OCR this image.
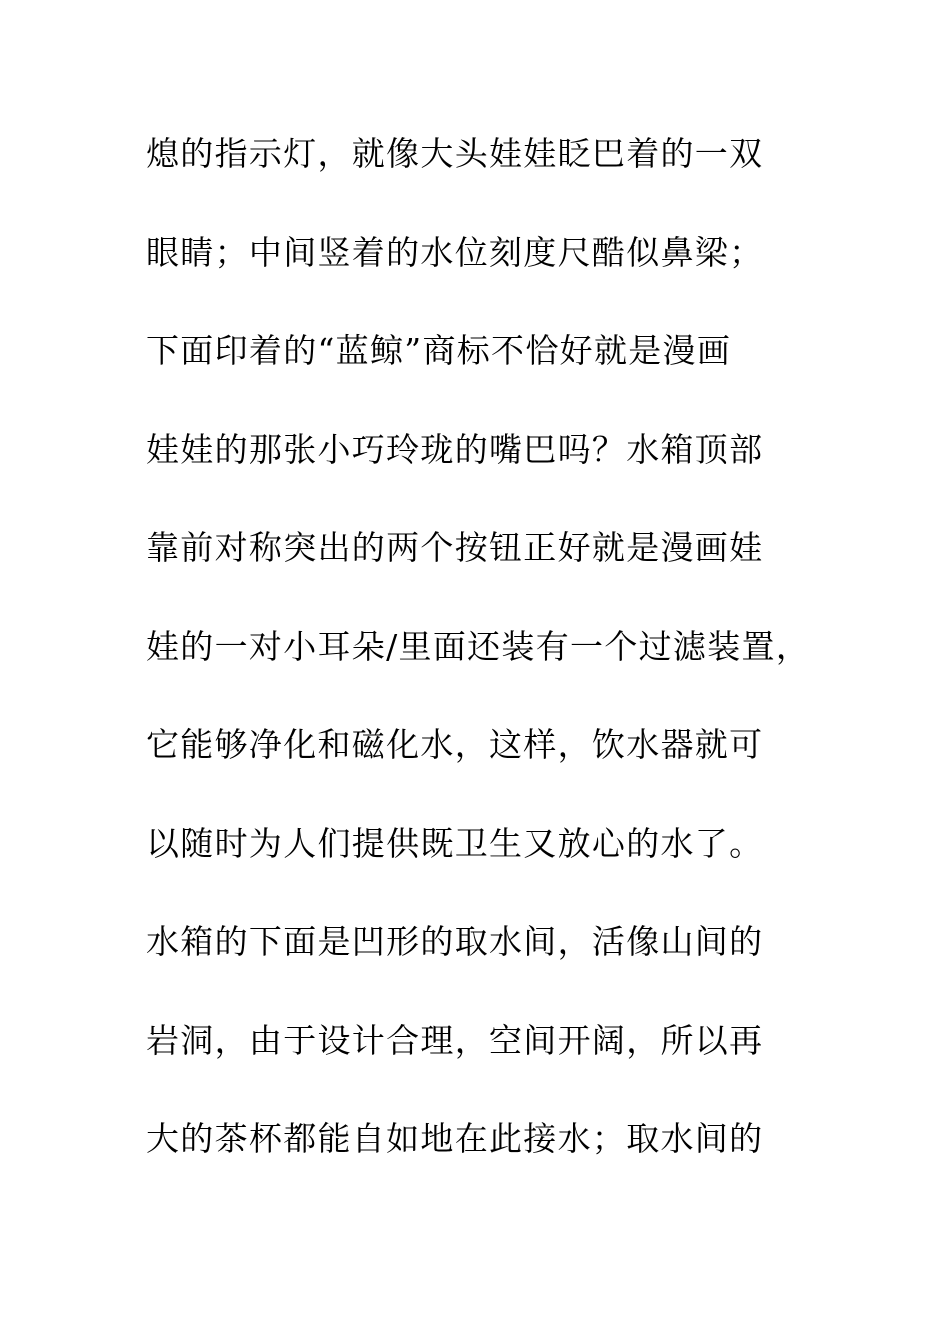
熄的指示灯，就像大头娃娃眨巴着的一双
眼睛；中间竖着的水位刻度尺酷似鼻梁；
下面印着的“蓝鲸”商标不恰好就是漫画
娃娃的那张小巧玲珑的嘴巴吗？水箱顶部
靠前对称突出的两个按钮正好就是漫画娃
娃的一对小耳朵/里面还装有一个过滤装置，
它能够净化和磁化水，这样，饮水器就可
以随时为人们提供既卫生又放心的水了。
水箱的下面是凹形的取水间，活像山间的
岩洞，由于设计合理，空间开阔，所以再
大的茶杯都能自如地在此接水；取水间的
